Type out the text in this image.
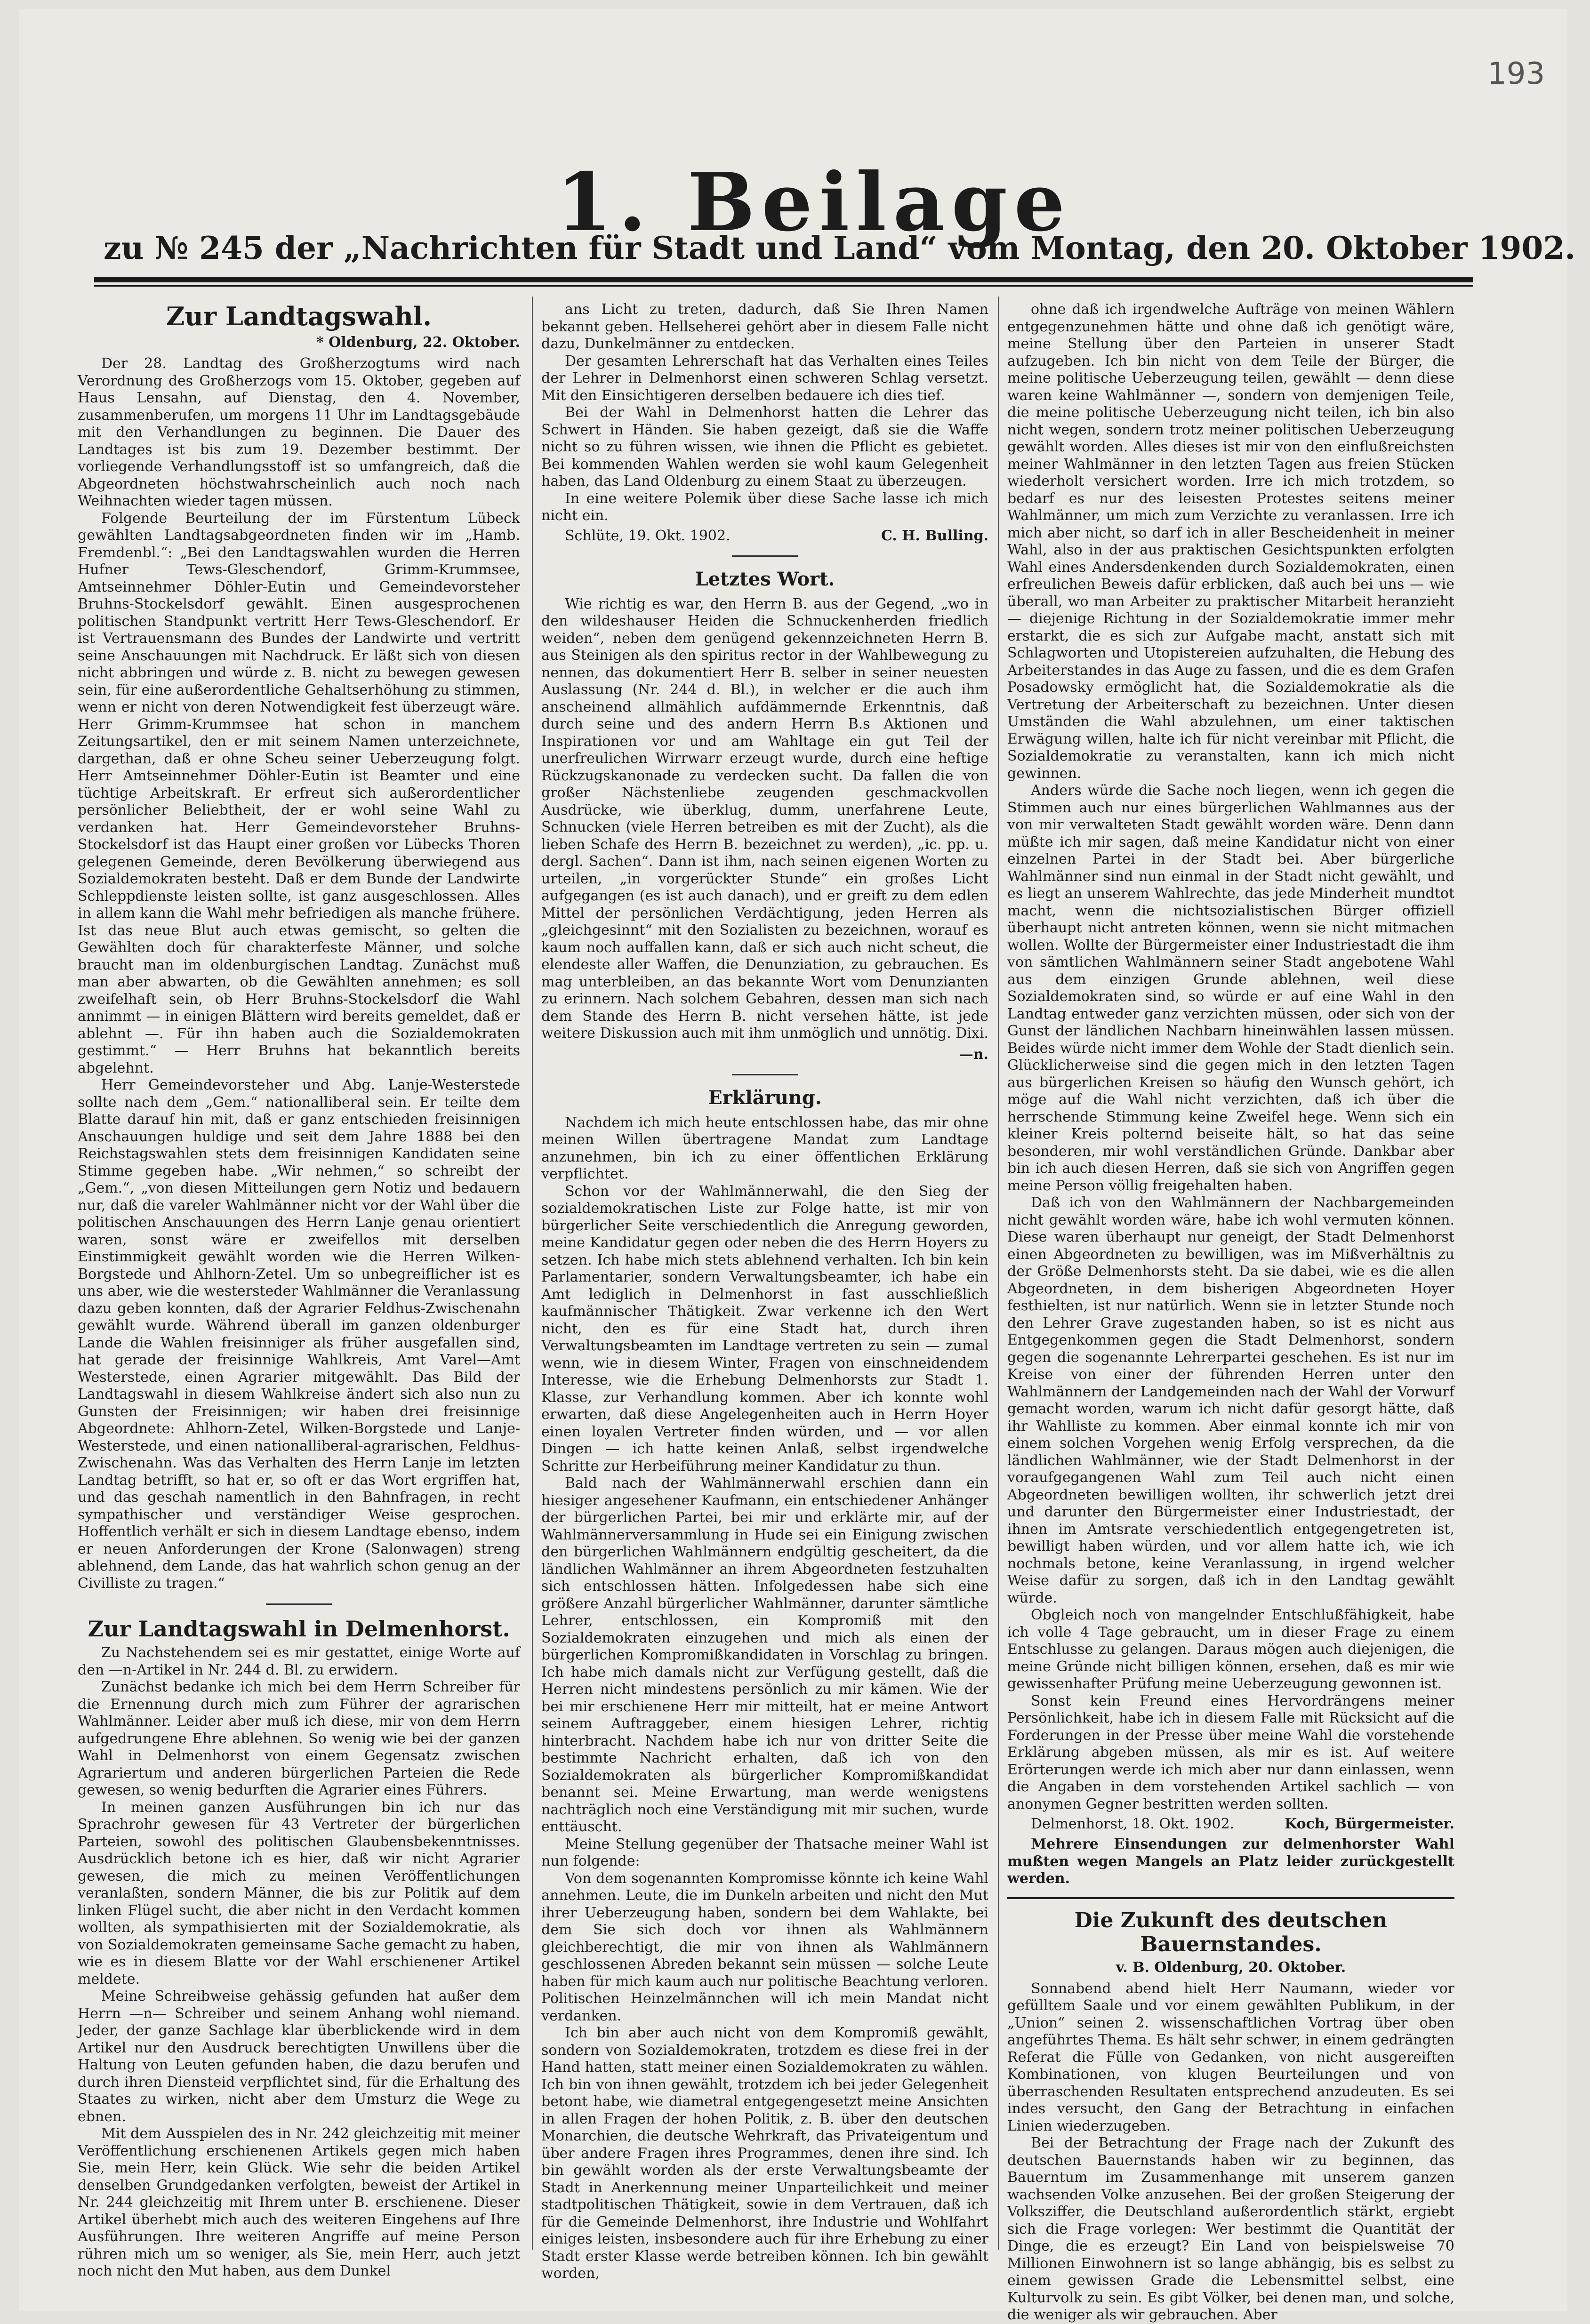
193
1. Beilage
zu № 245 der „Nachrichten für Stadt und Land“ vom Montag, den 20. Oktober 1902.
Zur Landtagswahl.
* Oldenburg, 22. Oktober.

Der 28. Landtag des Großherzogtums wird nach Verordnung des Großherzogs vom 15. Oktober, gegeben auf Haus Lensahn, auf Dienstag, den 4. November, zusammenberufen, um morgens 11 Uhr im Landtagsgebäude mit den Verhandlungen zu beginnen. Die Dauer des Landtages ist bis zum 19. Dezember bestimmt. Der vorliegende Verhandlungsstoff ist so umfangreich, daß die Abgeordneten höchstwahrscheinlich auch noch nach Weihnachten wieder tagen müssen.

Folgende Beurteilung der im Fürstentum Lübeck gewählten Landtagsabgeordneten finden wir im „Hamb. Fremdenbl.“: „Bei den Landtagswahlen wurden die Herren Hufner Tews-Gleschendorf, Grimm-Krummsee, Amtseinnehmer Döhler-Eutin und Gemeindevorsteher Bruhns-Stockelsdorf gewählt. Einen ausgesprochenen politischen Standpunkt vertritt Herr Tews-Gleschendorf. Er ist Vertrauensmann des Bundes der Landwirte und vertritt seine Anschauungen mit Nachdruck. Er läßt sich von diesen nicht abbringen und würde z. B. nicht zu bewegen gewesen sein, für eine außerordentliche Gehaltserhöhung zu stimmen, wenn er nicht von deren Notwendigkeit fest überzeugt wäre. Herr Grimm-Krummsee hat schon in manchem Zeitungsartikel, den er mit seinem Namen unterzeichnete, dargethan, daß er ohne Scheu seiner Ueberzeugung folgt. Herr Amtseinnehmer Döhler-Eutin ist Beamter und eine tüchtige Arbeitskraft. Er erfreut sich außerordentlicher persönlicher Beliebtheit, der er wohl seine Wahl zu verdanken hat. Herr Gemeindevorsteher Bruhns-Stockelsdorf ist das Haupt einer großen vor Lübecks Thoren gelegenen Gemeinde, deren Bevölkerung überwiegend aus Sozialdemokraten besteht. Daß er dem Bunde der Landwirte Schleppdienste leisten sollte, ist ganz ausgeschlossen. Alles in allem kann die Wahl mehr befriedigen als manche frühere. Ist das neue Blut auch etwas gemischt, so gelten die Gewählten doch für charakterfeste Männer, und solche braucht man im oldenburgischen Landtag. Zunächst muß man aber abwarten, ob die Gewählten annehmen; es soll zweifelhaft sein, ob Herr Bruhns-Stockelsdorf die Wahl annimmt — in einigen Blättern wird bereits gemeldet, daß er ablehnt —. Für ihn haben auch die Sozialdemokraten gestimmt.“ — Herr Bruhns hat bekanntlich bereits abgelehnt.

Herr Gemeindevorsteher und Abg. Lanje-Westerstede sollte nach dem „Gem.“ nationalliberal sein. Er teilte dem Blatte darauf hin mit, daß er ganz entschieden freisinnigen Anschauungen huldige und seit dem Jahre 1888 bei den Reichstagswahlen stets dem freisinnigen Kandidaten seine Stimme gegeben habe. „Wir nehmen,“ so schreibt der „Gem.“, „von diesen Mitteilungen gern Notiz und bedauern nur, daß die vareler Wahlmänner nicht vor der Wahl über die politischen Anschauungen des Herrn Lanje genau orientiert waren, sonst wäre er zweifellos mit derselben Einstimmigkeit gewählt worden wie die Herren Wilken-Borgstede und Ahlhorn-Zetel. Um so unbegreiflicher ist es uns aber, wie die westersteder Wahlmänner die Veranlassung dazu geben konnten, daß der Agrarier Feldhus-Zwischenahn gewählt wurde. Während überall im ganzen oldenburger Lande die Wahlen freisinniger als früher ausgefallen sind, hat gerade der freisinnige Wahlkreis, Amt Varel—Amt Westerstede, einen Agrarier mitgewählt. Das Bild der Landtagswahl in diesem Wahlkreise ändert sich also nun zu Gunsten der Freisinnigen; wir haben drei freisinnige Abgeordnete: Ahlhorn-Zetel, Wilken-Borgstede und Lanje-Westerstede, und einen nationalliberal-agrarischen, Feldhus-Zwischenahn. Was das Verhalten des Herrn Lanje im letzten Landtag betrifft, so hat er, so oft er das Wort ergriffen hat, und das geschah namentlich in den Bahnfragen, in recht sympathischer und verständiger Weise gesprochen. Hoffentlich verhält er sich in diesem Landtage ebenso, indem er neuen Anforderungen der Krone (Salonwagen) streng ablehnend, dem Lande, das hat wahrlich schon genug an der Civilliste zu tragen.“

Zur Landtagswahl in Delmenhorst.

Zu Nachstehendem sei es mir gestattet, einige Worte auf den —n-Artikel in Nr. 244 d. Bl. zu erwidern.

Zunächst bedanke ich mich bei dem Herrn Schreiber für die Ernennung durch mich zum Führer der agrarischen Wahlmänner. Leider aber muß ich diese, mir von dem Herrn aufgedrungene Ehre ablehnen. So wenig wie bei der ganzen Wahl in Delmenhorst von einem Gegensatz zwischen Agrariertum und anderen bürgerlichen Parteien die Rede gewesen, so wenig bedurften die Agrarier eines Führers.

In meinen ganzen Ausführungen bin ich nur das Sprachrohr gewesen für 43 Vertreter der bürgerlichen Parteien, sowohl des politischen Glaubensbekenntnisses. Ausdrücklich betone ich es hier, daß wir nicht Agrarier gewesen, die mich zu meinen Veröffentlichungen veranlaßten, sondern Männer, die bis zur Politik auf dem linken Flügel sucht, die aber nicht in den Verdacht kommen wollten, als sympathisierten mit der Sozialdemokratie, als von Sozialdemokraten gemeinsame Sache gemacht zu haben, wie es in diesem Blatte vor der Wahl erschienener Artikel meldete.

Meine Schreibweise gehässig gefunden hat außer dem Herrn —n— Schreiber und seinem Anhang wohl niemand. Jeder, der ganze Sachlage klar überblickende wird in dem Artikel nur den Ausdruck berechtigten Unwillens über die Haltung von Leuten gefunden haben, die dazu berufen und durch ihren Diensteid verpflichtet sind, für die Erhaltung des Staates zu wirken, nicht aber dem Umsturz die Wege zu ebnen.

Mit dem Ausspielen des in Nr. 242 gleichzeitig mit meiner Veröffentlichung erschienenen Artikels gegen mich haben Sie, mein Herr, kein Glück. Wie sehr die beiden Artikel denselben Grundgedanken verfolgten, beweist der Artikel in Nr. 244 gleichzeitig mit Ihrem unter B. erschienene. Dieser Artikel überhebt mich auch des weiteren Eingehens auf Ihre Ausführungen. Ihre weiteren Angriffe auf meine Person rühren mich um so weniger, als Sie, mein Herr, auch jetzt noch nicht den Mut haben, aus dem Dunkel

ans Licht zu treten, dadurch, daß Sie Ihren Namen bekannt geben. Hellseherei gehört aber in diesem Falle nicht dazu, Dunkelmänner zu entdecken.

Der gesamten Lehrerschaft hat das Verhalten eines Teiles der Lehrer in Delmenhorst einen schweren Schlag versetzt. Mit den Einsichtigeren derselben bedauere ich dies tief.

Bei der Wahl in Delmenhorst hatten die Lehrer das Schwert in Händen. Sie haben gezeigt, daß sie die Waffe nicht so zu führen wissen, wie ihnen die Pflicht es gebietet. Bei kommenden Wahlen werden sie wohl kaum Gelegenheit haben, das Land Oldenburg zu einem Staat zu überzeugen.

In eine weitere Polemik über diese Sache lasse ich mich nicht ein.

Schlüte, 19. Okt. 1902.	C. H. Bulling.
Letztes Wort.

Wie richtig es war, den Herrn B. aus der Gegend, „wo in den wildeshauser Heiden die Schnuckenherden friedlich weiden“, neben dem genügend gekennzeichneten Herrn B. aus Steinigen als den spiritus rector in der Wahlbewegung zu nennen, das dokumentiert Herr B. selber in seiner neuesten Auslassung (Nr. 244 d. Bl.), in welcher er die auch ihm anscheinend allmählich aufdämmernde Erkenntnis, daß durch seine und des andern Herrn B.s Aktionen und Inspirationen vor und am Wahltage ein gut Teil der unerfreulichen Wirrwarr erzeugt wurde, durch eine heftige Rückzugskanonade zu verdecken sucht. Da fallen die von großer Nächstenliebe zeugenden geschmackvollen Ausdrücke, wie überklug, dumm, unerfahrene Leute, Schnucken (viele Herren betreiben es mit der Zucht), als die lieben Schafe des Herrn B. bezeichnet zu werden), „ic. pp. u. dergl. Sachen“. Dann ist ihm, nach seinen eigenen Worten zu urteilen, „in vorgerückter Stunde“ ein großes Licht aufgegangen (es ist auch danach), und er greift zu dem edlen Mittel der persönlichen Verdächtigung, jeden Herren als „gleichgesinnt“ mit den Sozialisten zu bezeichnen, worauf es kaum noch auffallen kann, daß er sich auch nicht scheut, die elendeste aller Waffen, die Denunziation, zu gebrauchen. Es mag unterbleiben, an das bekannte Wort vom Denunzianten zu erinnern. Nach solchem Gebahren, dessen man sich nach dem Stande des Herrn B. nicht versehen hätte, ist jede weitere Diskussion auch mit ihm unmöglich und unnötig. Dixi.

—n.
Erklärung.

Nachdem ich mich heute entschlossen habe, das mir ohne meinen Willen übertragene Mandat zum Landtage anzunehmen, bin ich zu einer öffentlichen Erklärung verpflichtet.

Schon vor der Wahlmännerwahl, die den Sieg der sozialdemokratischen Liste zur Folge hatte, ist mir von bürgerlicher Seite verschiedentlich die Anregung geworden, meine Kandidatur gegen oder neben die des Herrn Hoyers zu setzen. Ich habe mich stets ablehnend verhalten. Ich bin kein Parlamentarier, sondern Verwaltungsbeamter, ich habe ein Amt lediglich in Delmenhorst in fast ausschließlich kaufmännischer Thätigkeit. Zwar verkenne ich den Wert nicht, den es für eine Stadt hat, durch ihren Verwaltungsbeamten im Landtage vertreten zu sein — zumal wenn, wie in diesem Winter, Fragen von einschneidendem Interesse, wie die Erhebung Delmenhorsts zur Stadt 1. Klasse, zur Verhandlung kommen. Aber ich konnte wohl erwarten, daß diese Angelegenheiten auch in Herrn Hoyer einen loyalen Vertreter finden würden, und — vor allen Dingen — ich hatte keinen Anlaß, selbst irgendwelche Schritte zur Herbeiführung meiner Kandidatur zu thun.

Bald nach der Wahlmännerwahl erschien dann ein hiesiger angesehener Kaufmann, ein entschiedener Anhänger der bürgerlichen Partei, bei mir und erklärte mir, auf der Wahlmännerversammlung in Hude sei ein Einigung zwischen den bürgerlichen Wahlmännern endgültig gescheitert, da die ländlichen Wahlmänner an ihrem Abgeordneten festzuhalten sich entschlossen hätten. Infolgedessen habe sich eine größere Anzahl bürgerlicher Wahlmänner, darunter sämtliche Lehrer, entschlossen, ein Kompromiß mit den Sozialdemokraten einzugehen und mich als einen der bürgerlichen Kompromißkandidaten in Vorschlag zu bringen. Ich habe mich damals nicht zur Verfügung gestellt, daß die Herren nicht mindestens persönlich zu mir kämen. Wie der bei mir erschienene Herr mir mitteilt, hat er meine Antwort seinem Auftraggeber, einem hiesigen Lehrer, richtig hinterbracht. Nachdem habe ich nur von dritter Seite die bestimmte Nachricht erhalten, daß ich von den Sozialdemokraten als bürgerlicher Kompromißkandidat benannt sei. Meine Erwartung, man werde wenigstens nachträglich noch eine Verständigung mit mir suchen, wurde enttäuscht.

Meine Stellung gegenüber der Thatsache meiner Wahl ist nun folgende:

Von dem sogenannten Kompromisse könnte ich keine Wahl annehmen. Leute, die im Dunkeln arbeiten und nicht den Mut ihrer Ueberzeugung haben, sondern bei dem Wahlakte, bei dem Sie sich doch vor ihnen als Wahlmännern gleichberechtigt, die mir von ihnen als Wahlmännern geschlossenen Abreden bekannt sein müssen — solche Leute haben für mich kaum auch nur politische Beachtung verloren. Politischen Heinzelmännchen will ich mein Mandat nicht verdanken.

Ich bin aber auch nicht von dem Kompromiß gewählt, sondern von Sozialdemokraten, trotzdem es diese frei in der Hand hatten, statt meiner einen Sozialdemokraten zu wählen. Ich bin von ihnen gewählt, trotzdem ich bei jeder Gelegenheit betont habe, wie diametral entgegengesetzt meine Ansichten in allen Fragen der hohen Politik, z. B. über den deutschen Monarchien, die deutsche Wehrkraft, das Privateigentum und über andere Fragen ihres Programmes, denen ihre sind. Ich bin gewählt worden als der erste Verwaltungsbeamte der Stadt in Anerkennung meiner Unparteilichkeit und meiner stadtpolitischen Thätigkeit, sowie in dem Vertrauen, daß ich für die Gemeinde Delmenhorst, ihre Industrie und Wohlfahrt einiges leisten, insbesondere auch für ihre Erhebung zu einer Stadt erster Klasse werde betreiben können. Ich bin gewählt worden,

ohne daß ich irgendwelche Aufträge von meinen Wählern entgegenzunehmen hätte und ohne daß ich genötigt wäre, meine Stellung über den Parteien in unserer Stadt aufzugeben. Ich bin nicht von dem Teile der Bürger, die meine politische Ueberzeugung teilen, gewählt — denn diese waren keine Wahlmänner —, sondern von demjenigen Teile, die meine politische Ueberzeugung nicht teilen, ich bin also nicht wegen, sondern trotz meiner politischen Ueberzeugung gewählt worden. Alles dieses ist mir von den einflußreichsten meiner Wahlmänner in den letzten Tagen aus freien Stücken wiederholt versichert worden. Irre ich mich trotzdem, so bedarf es nur des leisesten Protestes seitens meiner Wahlmänner, um mich zum Verzichte zu veranlassen. Irre ich mich aber nicht, so darf ich in aller Bescheidenheit in meiner Wahl, also in der aus praktischen Gesichtspunkten erfolgten Wahl eines Andersdenkenden durch Sozialdemokraten, einen erfreulichen Beweis dafür erblicken, daß auch bei uns — wie überall, wo man Arbeiter zu praktischer Mitarbeit heranzieht — diejenige Richtung in der Sozialdemokratie immer mehr erstarkt, die es sich zur Aufgabe macht, anstatt sich mit Schlagworten und Utopistereien aufzuhalten, die Hebung des Arbeiterstandes in das Auge zu fassen, und die es dem Grafen Posadowsky ermöglicht hat, die Sozialdemokratie als die Vertretung der Arbeiterschaft zu bezeichnen. Unter diesen Umständen die Wahl abzulehnen, um einer taktischen Erwägung willen, halte ich für nicht vereinbar mit Pflicht, die Sozialdemokratie zu veranstalten, kann ich mich nicht gewinnen.

Anders würde die Sache noch liegen, wenn ich gegen die Stimmen auch nur eines bürgerlichen Wahlmannes aus der von mir verwalteten Stadt gewählt worden wäre. Denn dann müßte ich mir sagen, daß meine Kandidatur nicht von einer einzelnen Partei in der Stadt bei. Aber bürgerliche Wahlmänner sind nun einmal in der Stadt nicht gewählt, und es liegt an unserem Wahlrechte, das jede Minderheit mundtot macht, wenn die nichtsozialistischen Bürger offiziell überhaupt nicht antreten können, wenn sie nicht mitmachen wollen. Wollte der Bürgermeister einer Industriestadt die ihm von sämtlichen Wahlmännern seiner Stadt angebotene Wahl aus dem einzigen Grunde ablehnen, weil diese Sozialdemokraten sind, so würde er auf eine Wahl in den Landtag entweder ganz verzichten müssen, oder sich von der Gunst der ländlichen Nachbarn hineinwählen lassen müssen. Beides würde nicht immer dem Wohle der Stadt dienlich sein. Glücklicherweise sind die gegen mich in den letzten Tagen aus bürgerlichen Kreisen so häufig den Wunsch gehört, ich möge auf die Wahl nicht verzichten, daß ich über die herrschende Stimmung keine Zweifel hege. Wenn sich ein kleiner Kreis polternd beiseite hält, so hat das seine besonderen, mir wohl verständlichen Gründe. Dankbar aber bin ich auch diesen Herren, daß sie sich von Angriffen gegen meine Person völlig freigehalten haben.

Daß ich von den Wahlmännern der Nachbargemeinden nicht gewählt worden wäre, habe ich wohl vermuten können. Diese waren überhaupt nur geneigt, der Stadt Delmenhorst einen Abgeordneten zu bewilligen, was im Mißverhältnis zu der Größe Delmenhorsts steht. Da sie dabei, wie es die allen Abgeordneten, in dem bisherigen Abgeordneten Hoyer festhielten, ist nur natürlich. Wenn sie in letzter Stunde noch den Lehrer Grave zugestanden haben, so ist es nicht aus Entgegenkommen gegen die Stadt Delmenhorst, sondern gegen die sogenannte Lehrerpartei geschehen. Es ist nur im Kreise von einer der führenden Herren unter den Wahlmännern der Landgemeinden nach der Wahl der Vorwurf gemacht worden, warum ich nicht dafür gesorgt hätte, daß ihr Wahlliste zu kommen. Aber einmal konnte ich mir von einem solchen Vorgehen wenig Erfolg versprechen, da die ländlichen Wahlmänner, wie der Stadt Delmenhorst in der voraufgegangenen Wahl zum Teil auch nicht einen Abgeordneten bewilligen wollten, ihr schwerlich jetzt drei und darunter den Bürgermeister einer Industriestadt, der ihnen im Amtsrate verschiedentlich entgegengetreten ist, bewilligt haben würden, und vor allem hatte ich, wie ich nochmals betone, keine Veranlassung, in irgend welcher Weise dafür zu sorgen, daß ich in den Landtag gewählt würde.

Obgleich noch von mangelnder Entschlußfähigkeit, habe ich volle 4 Tage gebraucht, um in dieser Frage zu einem Entschlusse zu gelangen. Daraus mögen auch diejenigen, die meine Gründe nicht billigen können, ersehen, daß es mir wie gewissenhafter Prüfung meine Ueberzeugung gewonnen ist.

Sonst kein Freund eines Hervordrängens meiner Persönlichkeit, habe ich in diesem Falle mit Rücksicht auf die Forderungen in der Presse über meine Wahl die vorstehende Erklärung abgeben müssen, als mir es ist. Auf weitere Erörterungen werde ich mich aber nur dann einlassen, wenn die Angaben in dem vorstehenden Artikel sachlich — von anonymen Gegner bestritten werden sollten.

Delmenhorst, 18. Okt. 1902.	Koch, Bürgermeister.

Mehrere Einsendungen zur delmenhorster Wahl mußten wegen Mangels an Platz leider zurückgestellt werden.

Die Zukunft des deutschen Bauernstandes.
v. B. Oldenburg, 20. Oktober.

Sonnabend abend hielt Herr Naumann, wieder vor gefülltem Saale und vor einem gewählten Publikum, in der „Union“ seinen 2. wissenschaftlichen Vortrag über oben angeführtes Thema. Es hält sehr schwer, in einem gedrängten Referat die Fülle von Gedanken, von nicht ausgereiften Kombinationen, von klugen Beurteilungen und von überraschenden Resultaten entsprechend anzudeuten. Es sei indes versucht, den Gang der Betrachtung in einfachen Linien wiederzugeben.

Bei der Betrachtung der Frage nach der Zukunft des deutschen Bauernstands haben wir zu beginnen, das Bauerntum im Zusammenhange mit unserem ganzen wachsenden Volke anzusehen. Bei der großen Steigerung der Volksziffer, die Deutschland außerordentlich stärkt, ergiebt sich die Frage vorlegen: Wer bestimmt die Quantität der Dinge, die es erzeugt? Ein Land von beispielsweise 70 Millionen Einwohnern ist so lange abhängig, bis es selbst zu einem gewissen Grade die Lebensmittel selbst, eine Kulturvolk zu sein. Es gibt Völker, bei denen man, und solche, die weniger als wir gebrauchen. Aber
